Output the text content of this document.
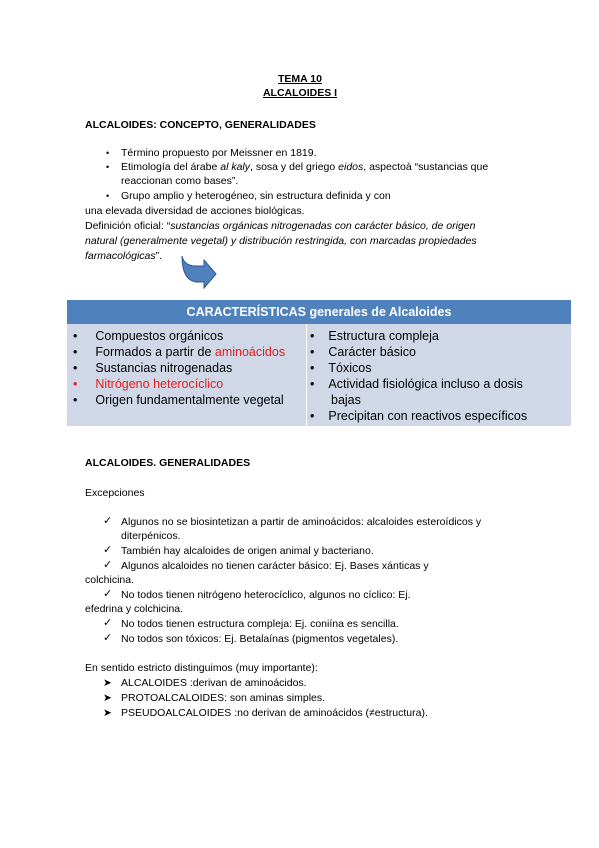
TEMA 10
ALCALOIDES I
ALCALOIDES: CONCEPTO, GENERALIDADES
• Término propuesto por Meissner en 1819.
• Etimología del árabe al kaly, sosa y del griego eidos, aspectoà “sustancias que
reaccionan como bases”.
• Grupo amplio y heterogéneo, sin estructura definida y con
una elevada diversidad de acciones biológicas.
Definición oficial: “sustancias orgánicas nitrogenadas con carácter básico, de origen
natural (generalmente vegetal) y distribución restringida, con marcadas propiedades
farmacológicas”.
CARACTERÍSTICAS generales de Alcaloides
• Compuestos orgánicos
• Formados a partir de aminoácidos
• Sustancias nitrogenadas
• Nitrógeno heterocíclico
• Origen fundamentalmente vegetal
• Estructura compleja
• Carácter básico
• Tóxicos
• Actividad fisiológica incluso a dosis
bajas
• Precipitan con reactivos específicos
ALCALOIDES. GENERALIDADES
Excepciones
✓ Algunos no se biosintetizan a partir de aminoácidos: alcaloides esteroídicos y
diterpénicos.
✓ También hay alcaloides de origen animal y bacteriano.
✓ Algunos alcaloides no tienen carácter básico: Ej. Bases xánticas y
colchicina.
✓ No todos tienen nitrógeno heterocíclico, algunos no cíclico: Ej.
efedrina y colchicina.
✓ No todos tienen estructura compleja: Ej. coniína es sencilla.
✓ No todos son tóxicos: Ej. Betalaínas (pigmentos vegetales).
En sentido estricto distinguimos (muy importante):
➤ ALCALOIDES :derivan de aminoácidos.
➤ PROTOALCALOIDES: son aminas simples.
➤ PSEUDOALCALOIDES :no derivan de aminoácidos (≠estructura).
